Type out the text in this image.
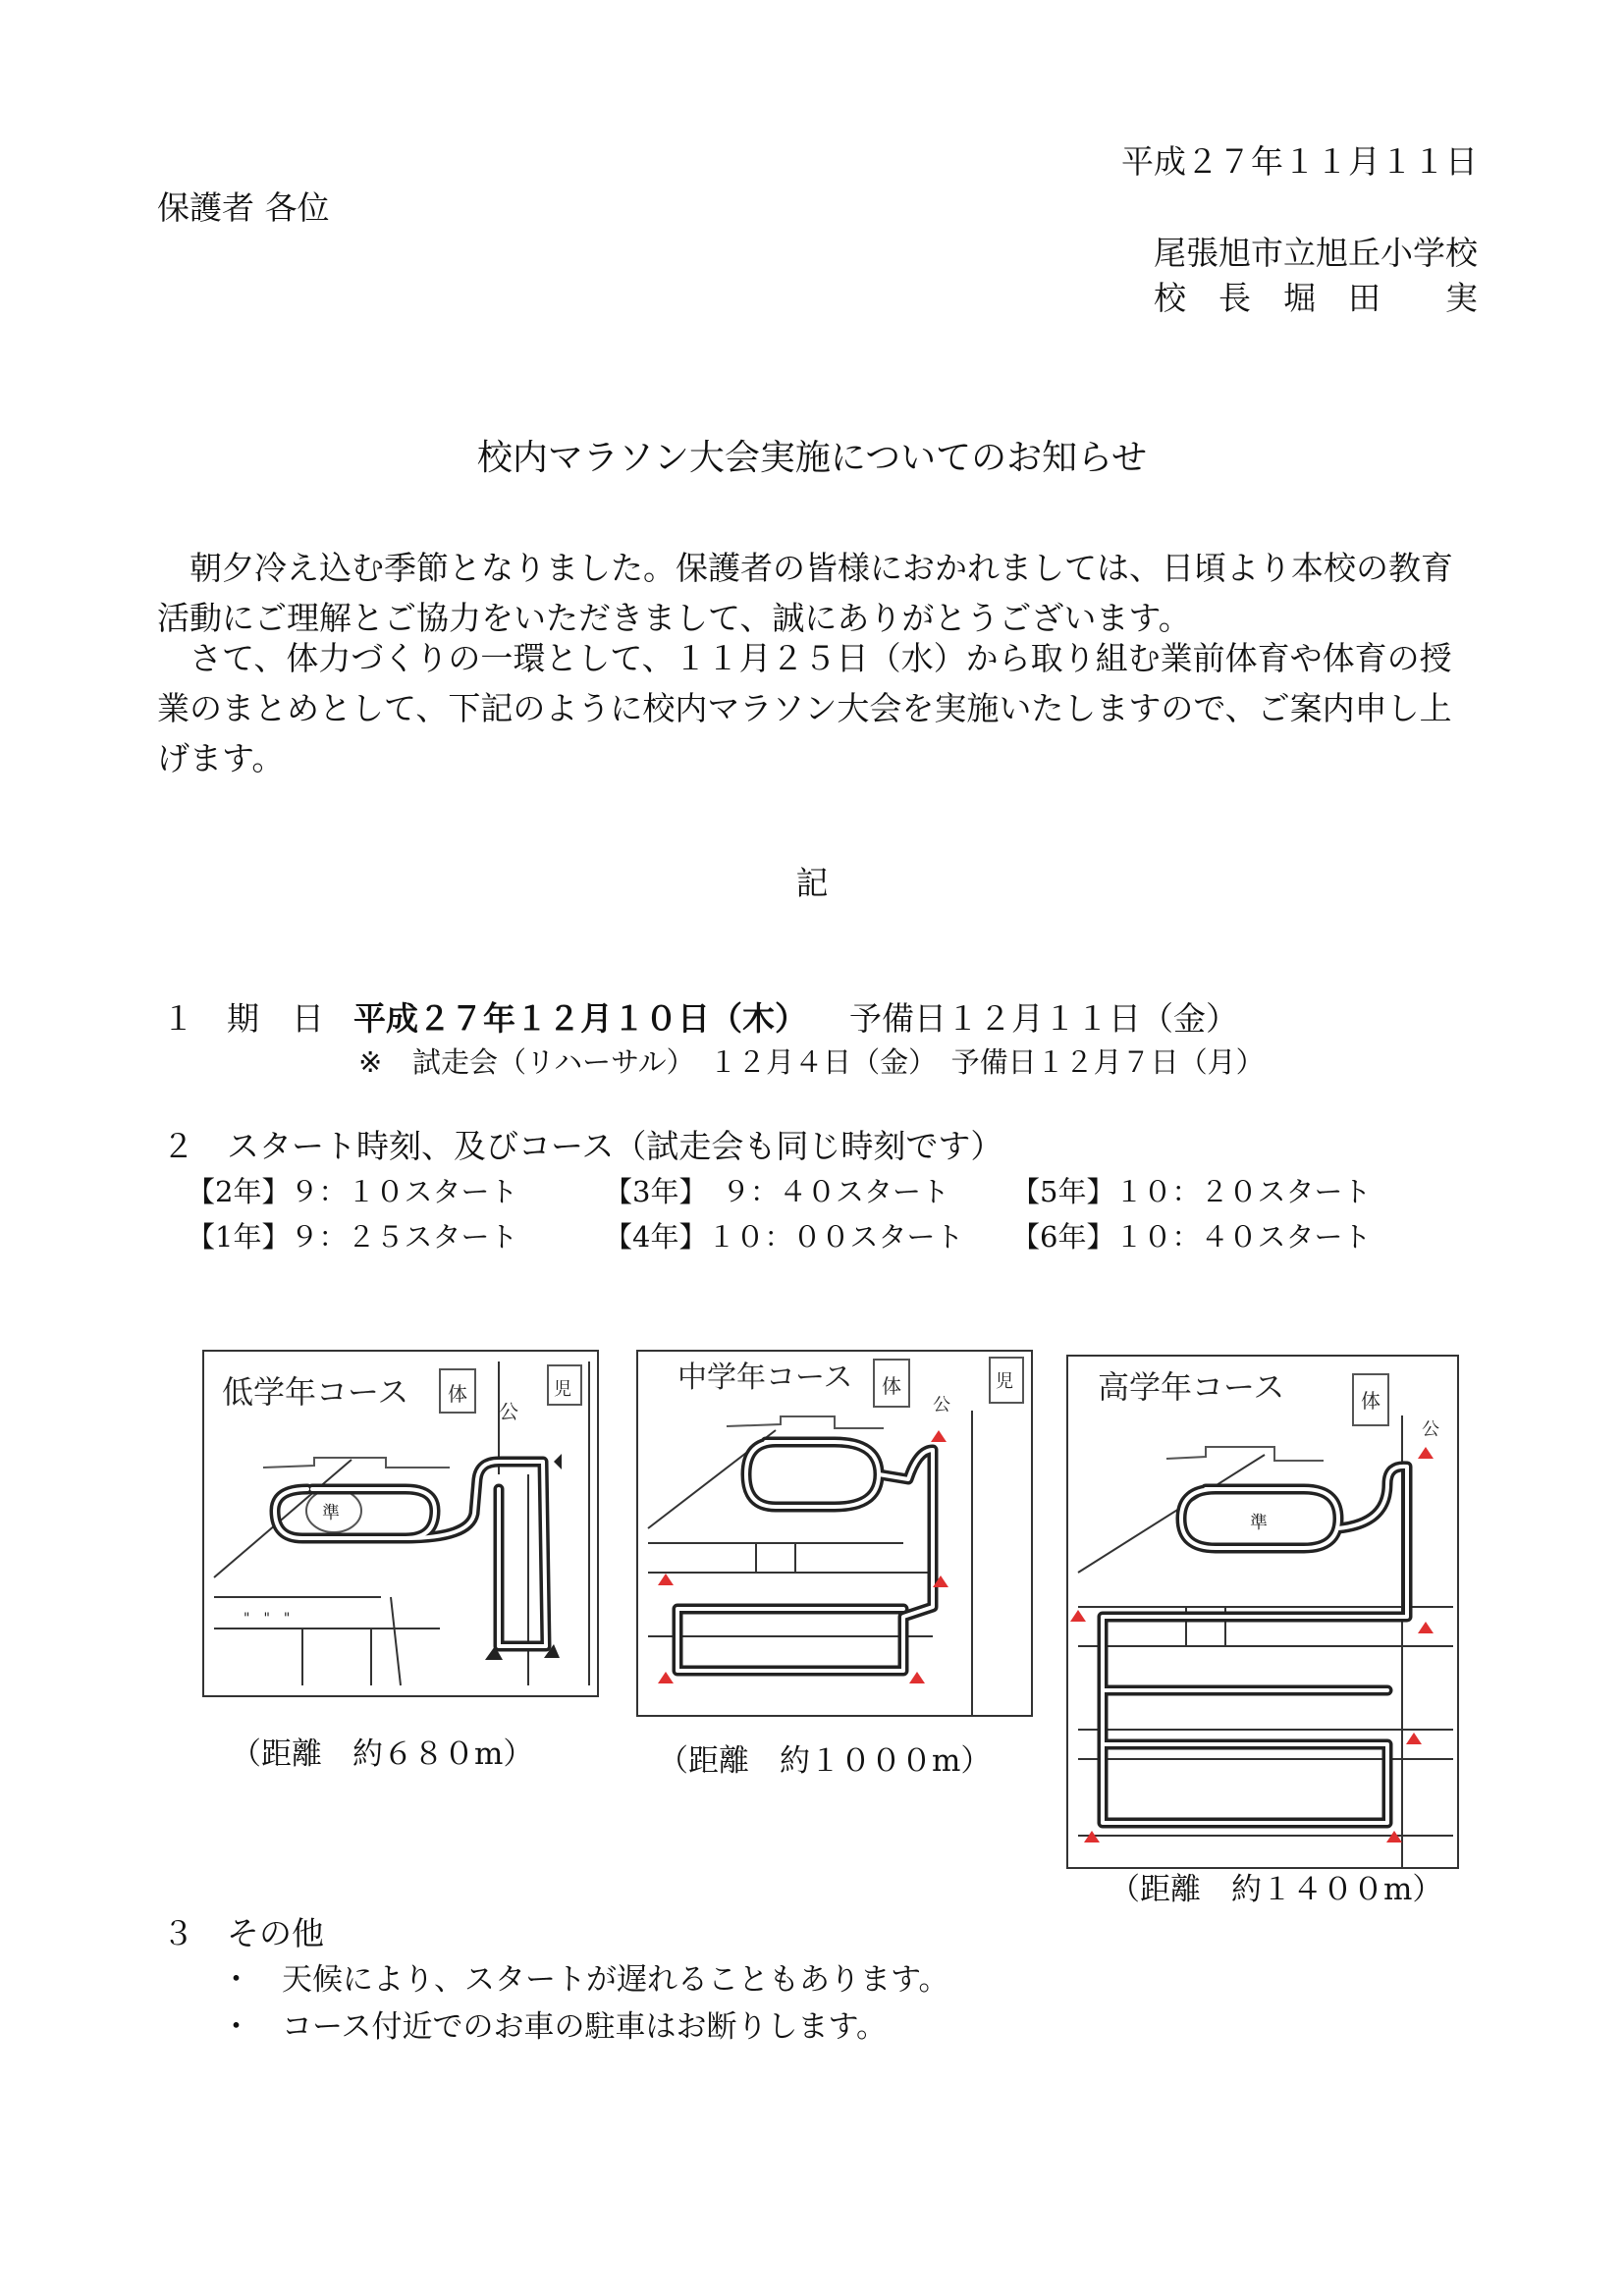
平成２７年１１月１１日
保護者 各位
尾張旭市立旭丘小学校
校　長　堀　田　　実
校内マラソン大会実施についてのお知らせ
朝夕冷え込む季節となりました。保護者の皆様におかれましては、日頃より本校の教育活動にご理解とご協力をいただきまして、誠にありがとうございます。
さて、体力づくりの一環として、１１月２５日（水）から取り組む業前体育や体育の授業のまとめとして、下記のように校内マラソン大会を実施いたしますので、ご案内申し上げます。
記
１　期　日 平成２７年１２月１０日（木） 予備日１２月１１日（金）
※ 試走会（リハーサル）　１２月４日（金）　予備日１２月７日（月）
２　スタート時刻、及びコース（試走会も同じ時刻です）
【2年】９：１０スタート	【3年】　９：４０スタート 【5年】１０：２０スタート
【1年】９：２５スタート	【4年】１０：００スタート 【6年】１０：４０スタート
低学年コース 体
公
児
準
"　"　"
（距離　約６８０m）
中学年コース 体
公
児
（距離　約１０００m）
高学年コース	体
公
準
（距離　約１４００m）
３　その他
・　天候により、スタートが遅れることもあります。
・　コース付近でのお車の駐車はお断りします。
